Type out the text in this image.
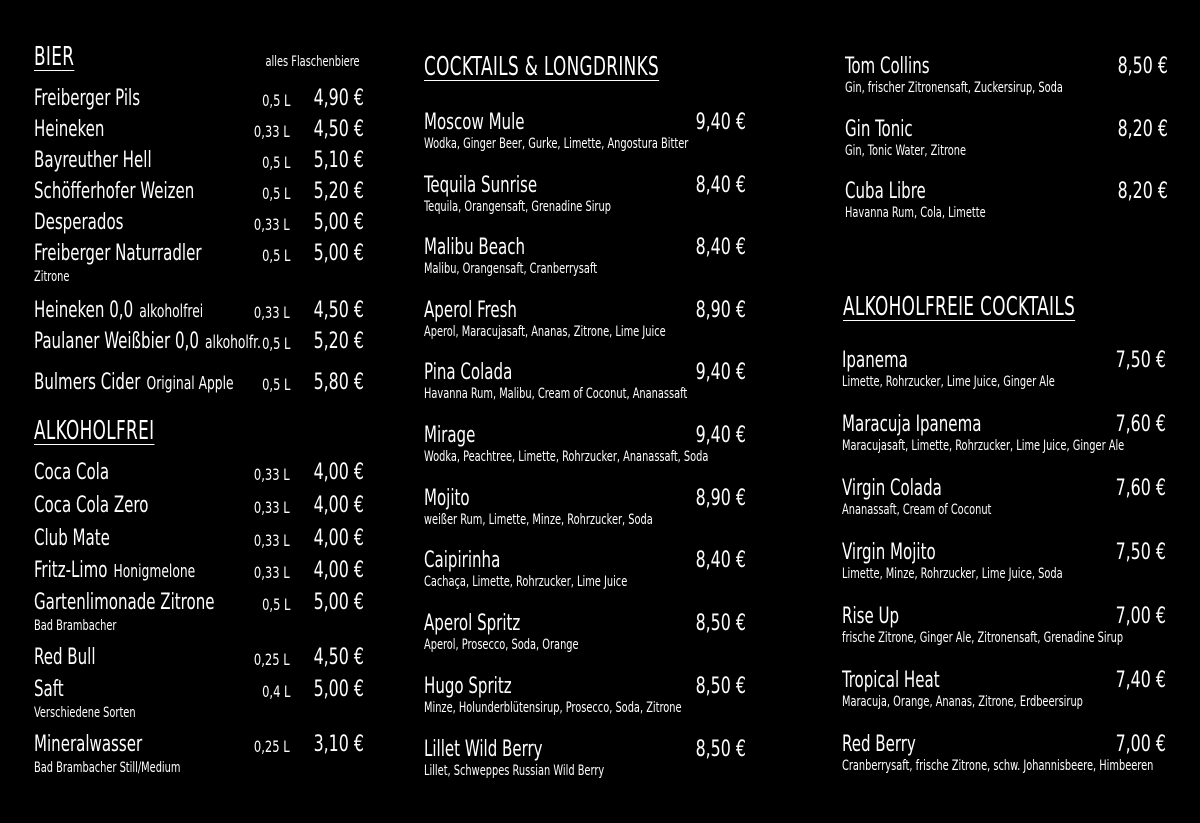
BIER	alles Flaschenbiere
ALKOHOLFREI
COCKTAILS & LONGDRINKS
ALKOHOLFREIE COCKTAILS
Freiberger Pils	0,5 L 4,90 €
Heineken	0,33 L 4,50 €
Bayreuther Hell	0,5 L 5,10 €
Schöfferhofer Weizen	0,5 L 5,20 €
Desperados	0,33 L 5,00 €
Freiberger Naturradler	0,5 L 5,00 €
Zitrone
Heineken 0,0 alkoholfrei	0,33 L 4,50 €
Paulaner Weißbier 0,0 alkoholfr. 0,5 L 5,20 €
Bulmers Cider Original Apple 0,5 L 5,80 €
Coca Cola	0,33 L 4,00 €
Coca Cola Zero	0,33 L 4,00 €
Club Mate	0,33 L 4,00 €
Fritz-Limo Honigmelone	0,33 L 4,00 €
Gartenlimonade Zitrone	0,5 L 5,00 €
Bad Brambacher
Red Bull	0,25 L 4,50 €
Saft	0,4 L 5,00 €
Verschiedene Sorten
Mineralwasser	0,25 L 3,10 €
Bad Brambacher Still/Medium
Moscow Mule	9,40 €
Wodka, Ginger Beer, Gurke, Limette, Angostura Bitter
Tequila Sunrise	8,40 €
Tequila, Orangensaft, Grenadine Sirup
Malibu Beach	8,40 €
Malibu, Orangensaft, Cranberrysaft
Aperol Fresh	8,90 €
Aperol, Maracujasaft, Ananas, Zitrone, Lime Juice
Pina Colada	9,40 €
Havanna Rum, Malibu, Cream of Coconut, Ananassaft
Mirage	9,40 €
Wodka, Peachtree, Limette, Rohrzucker, Ananassaft, Soda
Mojito	8,90 €
weißer Rum, Limette, Minze, Rohrzucker, Soda
Caipirinha	8,40 €
Cachaça, Limette, Rohrzucker, Lime Juice
Aperol Spritz	8,50 €
Aperol, Prosecco, Soda, Orange
Hugo Spritz	8,50 €
Minze, Holunderblütensirup, Prosecco, Soda, Zitrone
Lillet Wild Berry	8,50 €
Lillet, Schweppes Russian Wild Berry
Tom Collins	8,50 €
Gin, frischer Zitronensaft, Zuckersirup, Soda
Gin Tonic	8,20 €
Gin, Tonic Water, Zitrone
Cuba Libre	8,20 €
Havanna Rum, Cola, Limette
Ipanema	7,50 €
Limette, Rohrzucker, Lime Juice, Ginger Ale
Maracuja Ipanema	7,60 €
Maracujasaft, Limette, Rohrzucker, Lime Juice, Ginger Ale
Virgin Colada	7,60 €
Ananassaft, Cream of Coconut
Virgin Mojito	7,50 €
Limette, Minze, Rohrzucker, Lime Juice, Soda
Rise Up	7,00 €
frische Zitrone, Ginger Ale, Zitronensaft, Grenadine Sirup
Tropical Heat	7,40 €
Maracuja, Orange, Ananas, Zitrone, Erdbeersirup
Red Berry	7,00 €
Cranberrysaft, frische Zitrone, schw. Johannisbeere, Himbeeren
